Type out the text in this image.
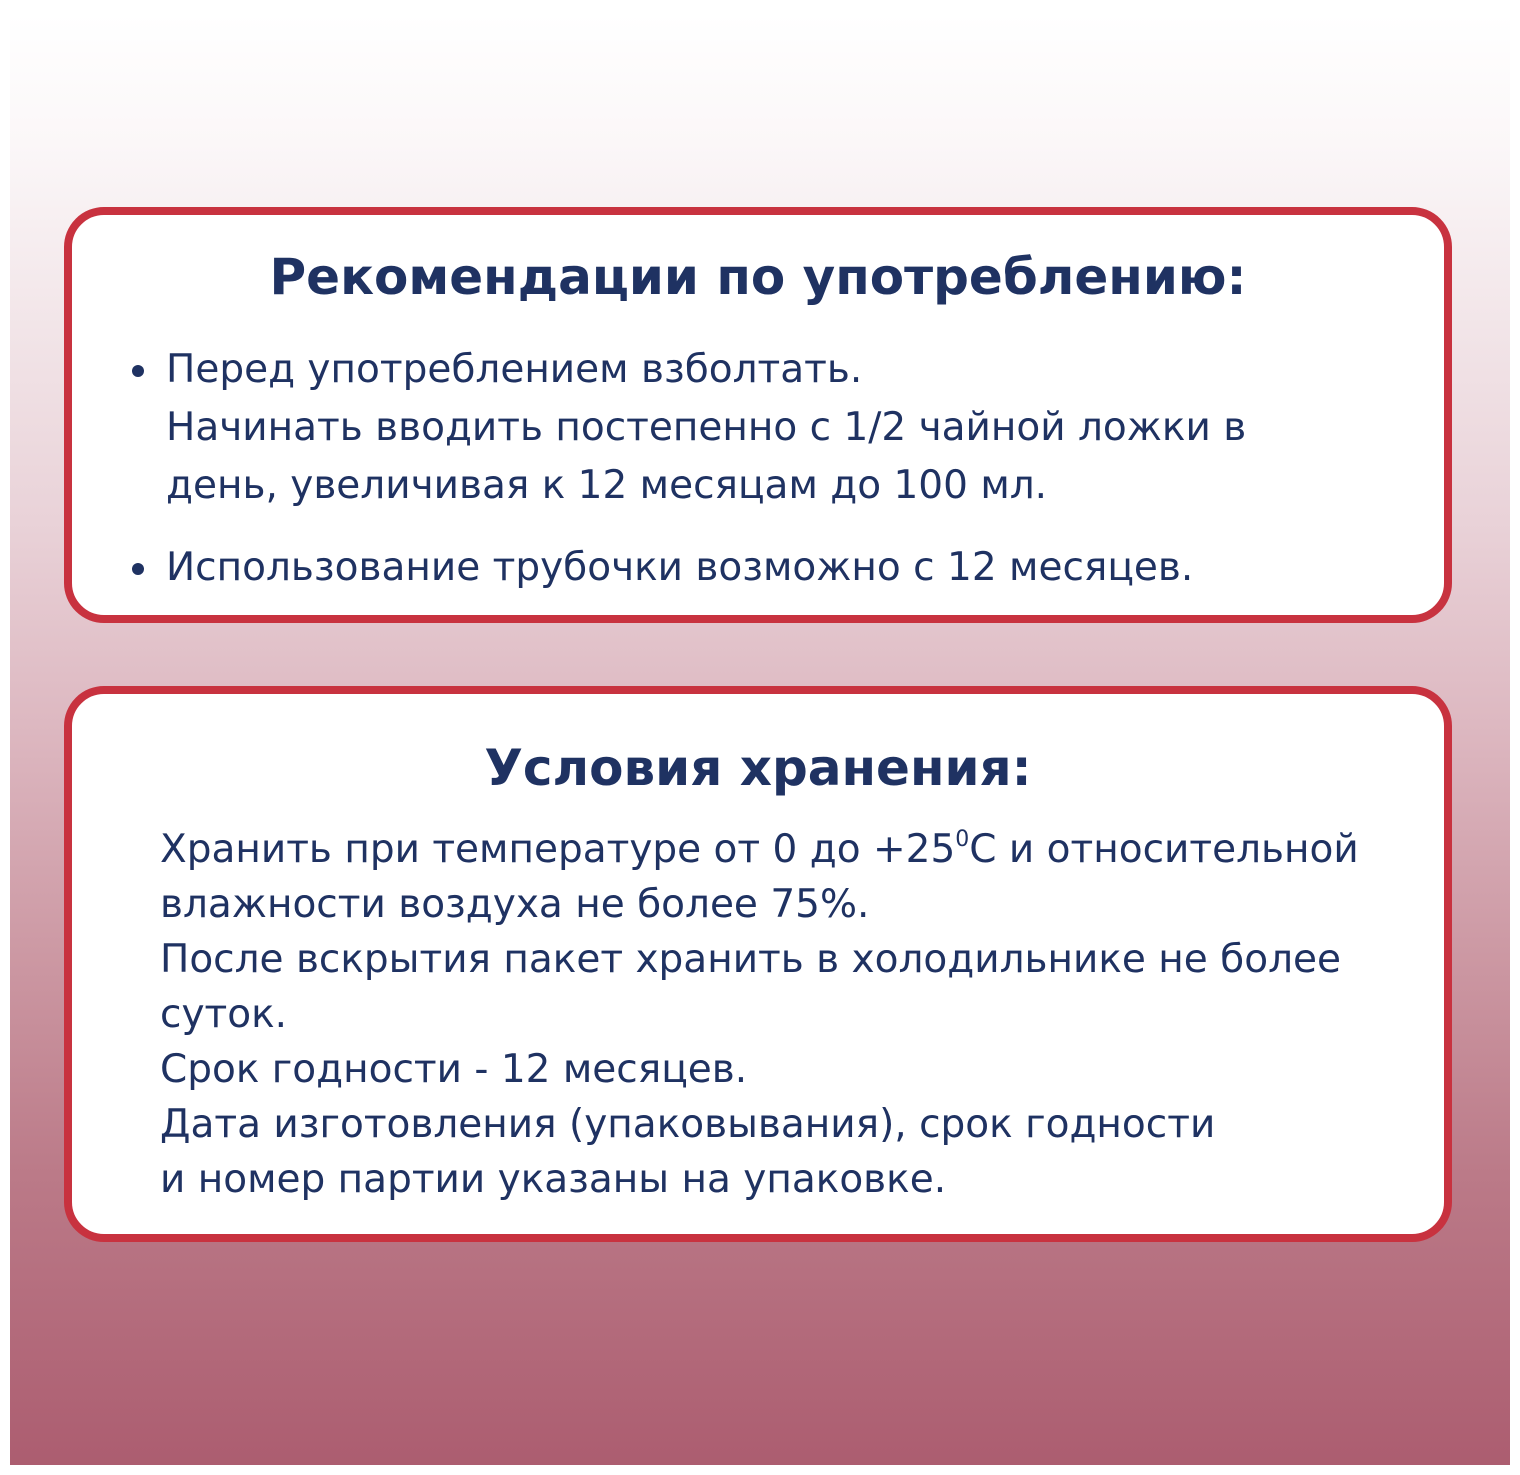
Рекомендации по употреблению:
Перед употреблением взболтать.
Начинать вводить постепенно с 1/2 чайной ложки в
день, увеличивая к 12 месяцам до 100 мл.
Использование трубочки возможно с 12 месяцев.
Условия хранения:
Хранить при температуре от 0 до $+25^0С$ и относительной
влажности воздуха не более 75%.
После вскрытия пакет хранить в холодильнике не более
суток.
Срок годности - 12 месяцев.
Дата изготовления (упаковывания), срок годности
и номер партии указаны на упаковке.
